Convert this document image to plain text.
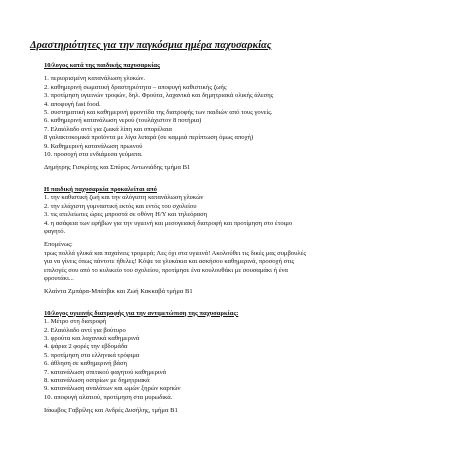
Δραστηριότητες για την παγκόσμια ημέρα παχυσαρκίας
10/λογος κατά της παιδικής παχυσαρκίας
1. περιορισμένη κατανάλωση γλυκών.
2. καθημερινή σωματική δραστηριότητα – αποφυγή καθιστικής ζωής
3. προτίμηση υγιεινών τροφών, δηλ. Φρούτα, λαχανικά και δημητριακά ολικής άλεσης
4. αποφυγή fast food.
5. συστηματική και καθημερινή φροντίδα της διατροφής των παιδιών από τους γονείς.
6. καθημερινή κατανάλωση νερού (τουλάχιστον 8 ποτήρια)
7. Ελαιόλαδο αντί για ζωικά λίπη και σπορέλαια
8 γαλακτοκομικά προϊόντα με λίγα λιπαρά (σε καμμιά περίπτωση όμως αποχή)
9. Καθημερινή κατανάλωση πρωινού
10. προσοχή στα ενδιάμεσα γεύματα.
Δημήτρης Γισκρίτης και Σπύρος Αντωνιάδης τμήμα Β1
Η παιδική παχυσαρκία προκαλείται από
1. την καθιστική ζωή και την αλόγιστη κατανάλωση γλυκών
2. την ελάχιστη γυμναστική εκτός και εντός του σχολείου
3. τις ατελείωτες ώρες μπροστά σε οθόνη Η/Υ και τηλεόραση
4. η ασάφεια των εφήβων για την υγιεινή και μεσογειακή διατροφή και προτίμηση στο έτοιμο
φαγητό.
Επομένως:
τρως πολλά γλυκά και παχαίνεις τρομερά; Λες όχι στα υγιεινά! Ακολούθει τις δικές μας συμβουλές
για να γίνεις όπως πάντοτε ήθελες! Κόψε τα γλυκάκια και ασκήσου καθημερινά, προσοχή στις
επιλογές σου από το κυλικείο του σχολείου, προτίμησε ένα κουλουθάκι με σουσαμάκι ή ένα
φρουτάκι...
Κλαίντα Ζμπάρα-Μπάτβικ και Ζωή Κακκαβά τμήμα Β1
10/λογος υγιεινής διατροφής για την αντιμετώπιση της παχυσαρκίας:
1. Μέτρο στη διατροφή
2. Ελαιόλαδο αντί για βούτυρο
3. φρούτα και λαχανικά καθημερινά
4. ψάρια 2 φορές την εβδομάδα
5. προτίμηση στα ελληνικά τρόφιμα
6. άθληση σε καθημερινή βάση
7. κατανάλωση σπιτικού φαγητού καθημερινά
8. κατανάλωση οσπρίων με δημητριακά
9. κατανάλωση αναλάτων και ωμών ξηρών καρπών
10. αποφυγή αλατιού, προτίμηση στα μυρωδικά.
Ιάκωβος Γαβρίλης και Ανδρές Δυσήλης, τμήμα Β1
